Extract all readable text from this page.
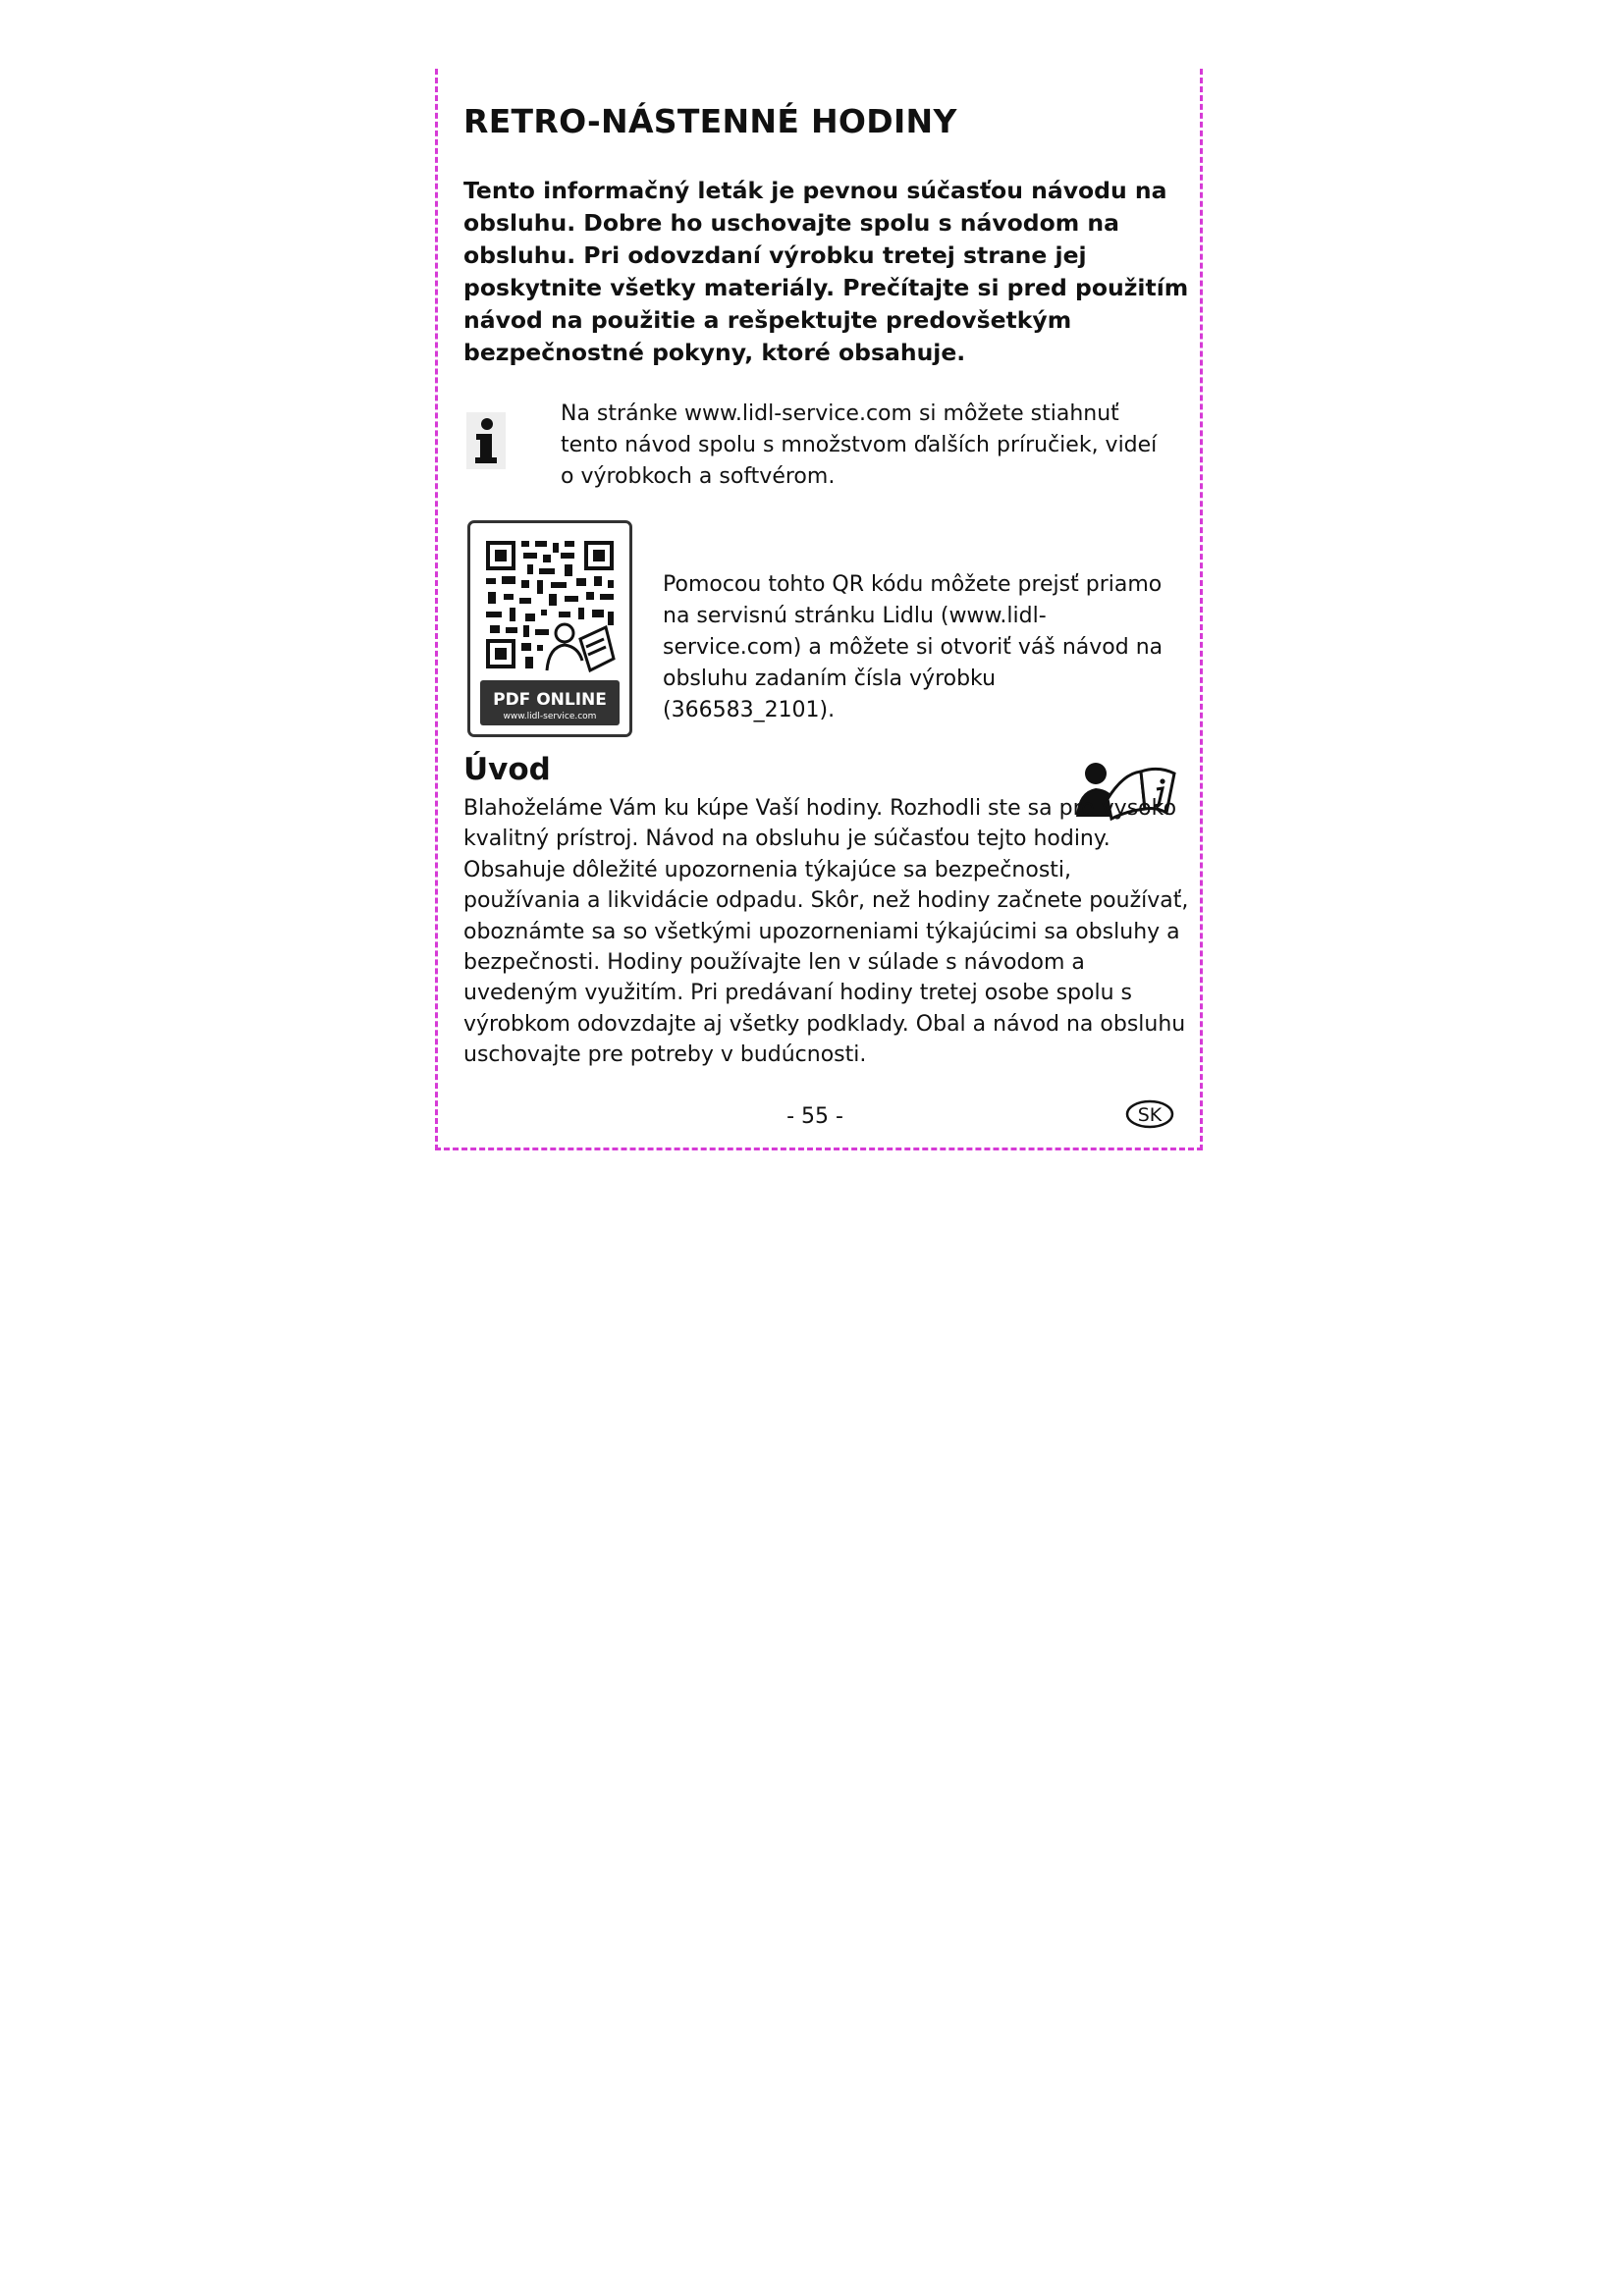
RETRO-NÁSTENNÉ HODINY

Tento informačný leták je pevnou súčasťou návodu na obsluhu. Dobre ho uschovajte spolu s návodom na obsluhu. Pri odovzdaní výrobku tretej strane jej poskytnite všetky materiály. Prečítajte si pred použitím návod na použitie a rešpektujte predovšetkým bezpečnostné pokyny, ktoré obsahuje.

Na stránke www.lidl-service.com si môžete stiahnuť tento návod spolu s množstvom ďalších príručiek, videí o výrobkoch a softvérom.

PDF ONLINE
www.lidl-service.com

Pomocou tohto QR kódu môžete prejsť priamo na servisnú stránku Lidlu (www.lidl-service.com) a môžete si otvoriť váš návod na obsluhu zadaním čísla výrobku (366583_2101).

Úvod

Blahoželáme Vám ku kúpe Vaší hodiny. Rozhodli ste sa pre vysoko kvalitný prístroj. Návod na obsluhu je súčasťou tejto hodiny. Obsahuje dôležité upozornenia týkajúce sa bezpečnosti, používania a likvidácie odpadu. Skôr, než hodiny začnete používať, oboznámte sa so všetkými upozorneniami týkajúcimi sa obsluhy a bezpečnosti. Hodiny používajte len v súlade s návodom a uvedeným využitím. Pri predávaní hodiny tretej osobe spolu s výrobkom odovzdajte aj všetky podklady. Obal a návod na obsluhu uschovajte pre potreby v budúcnosti.

- 55 -	SK
